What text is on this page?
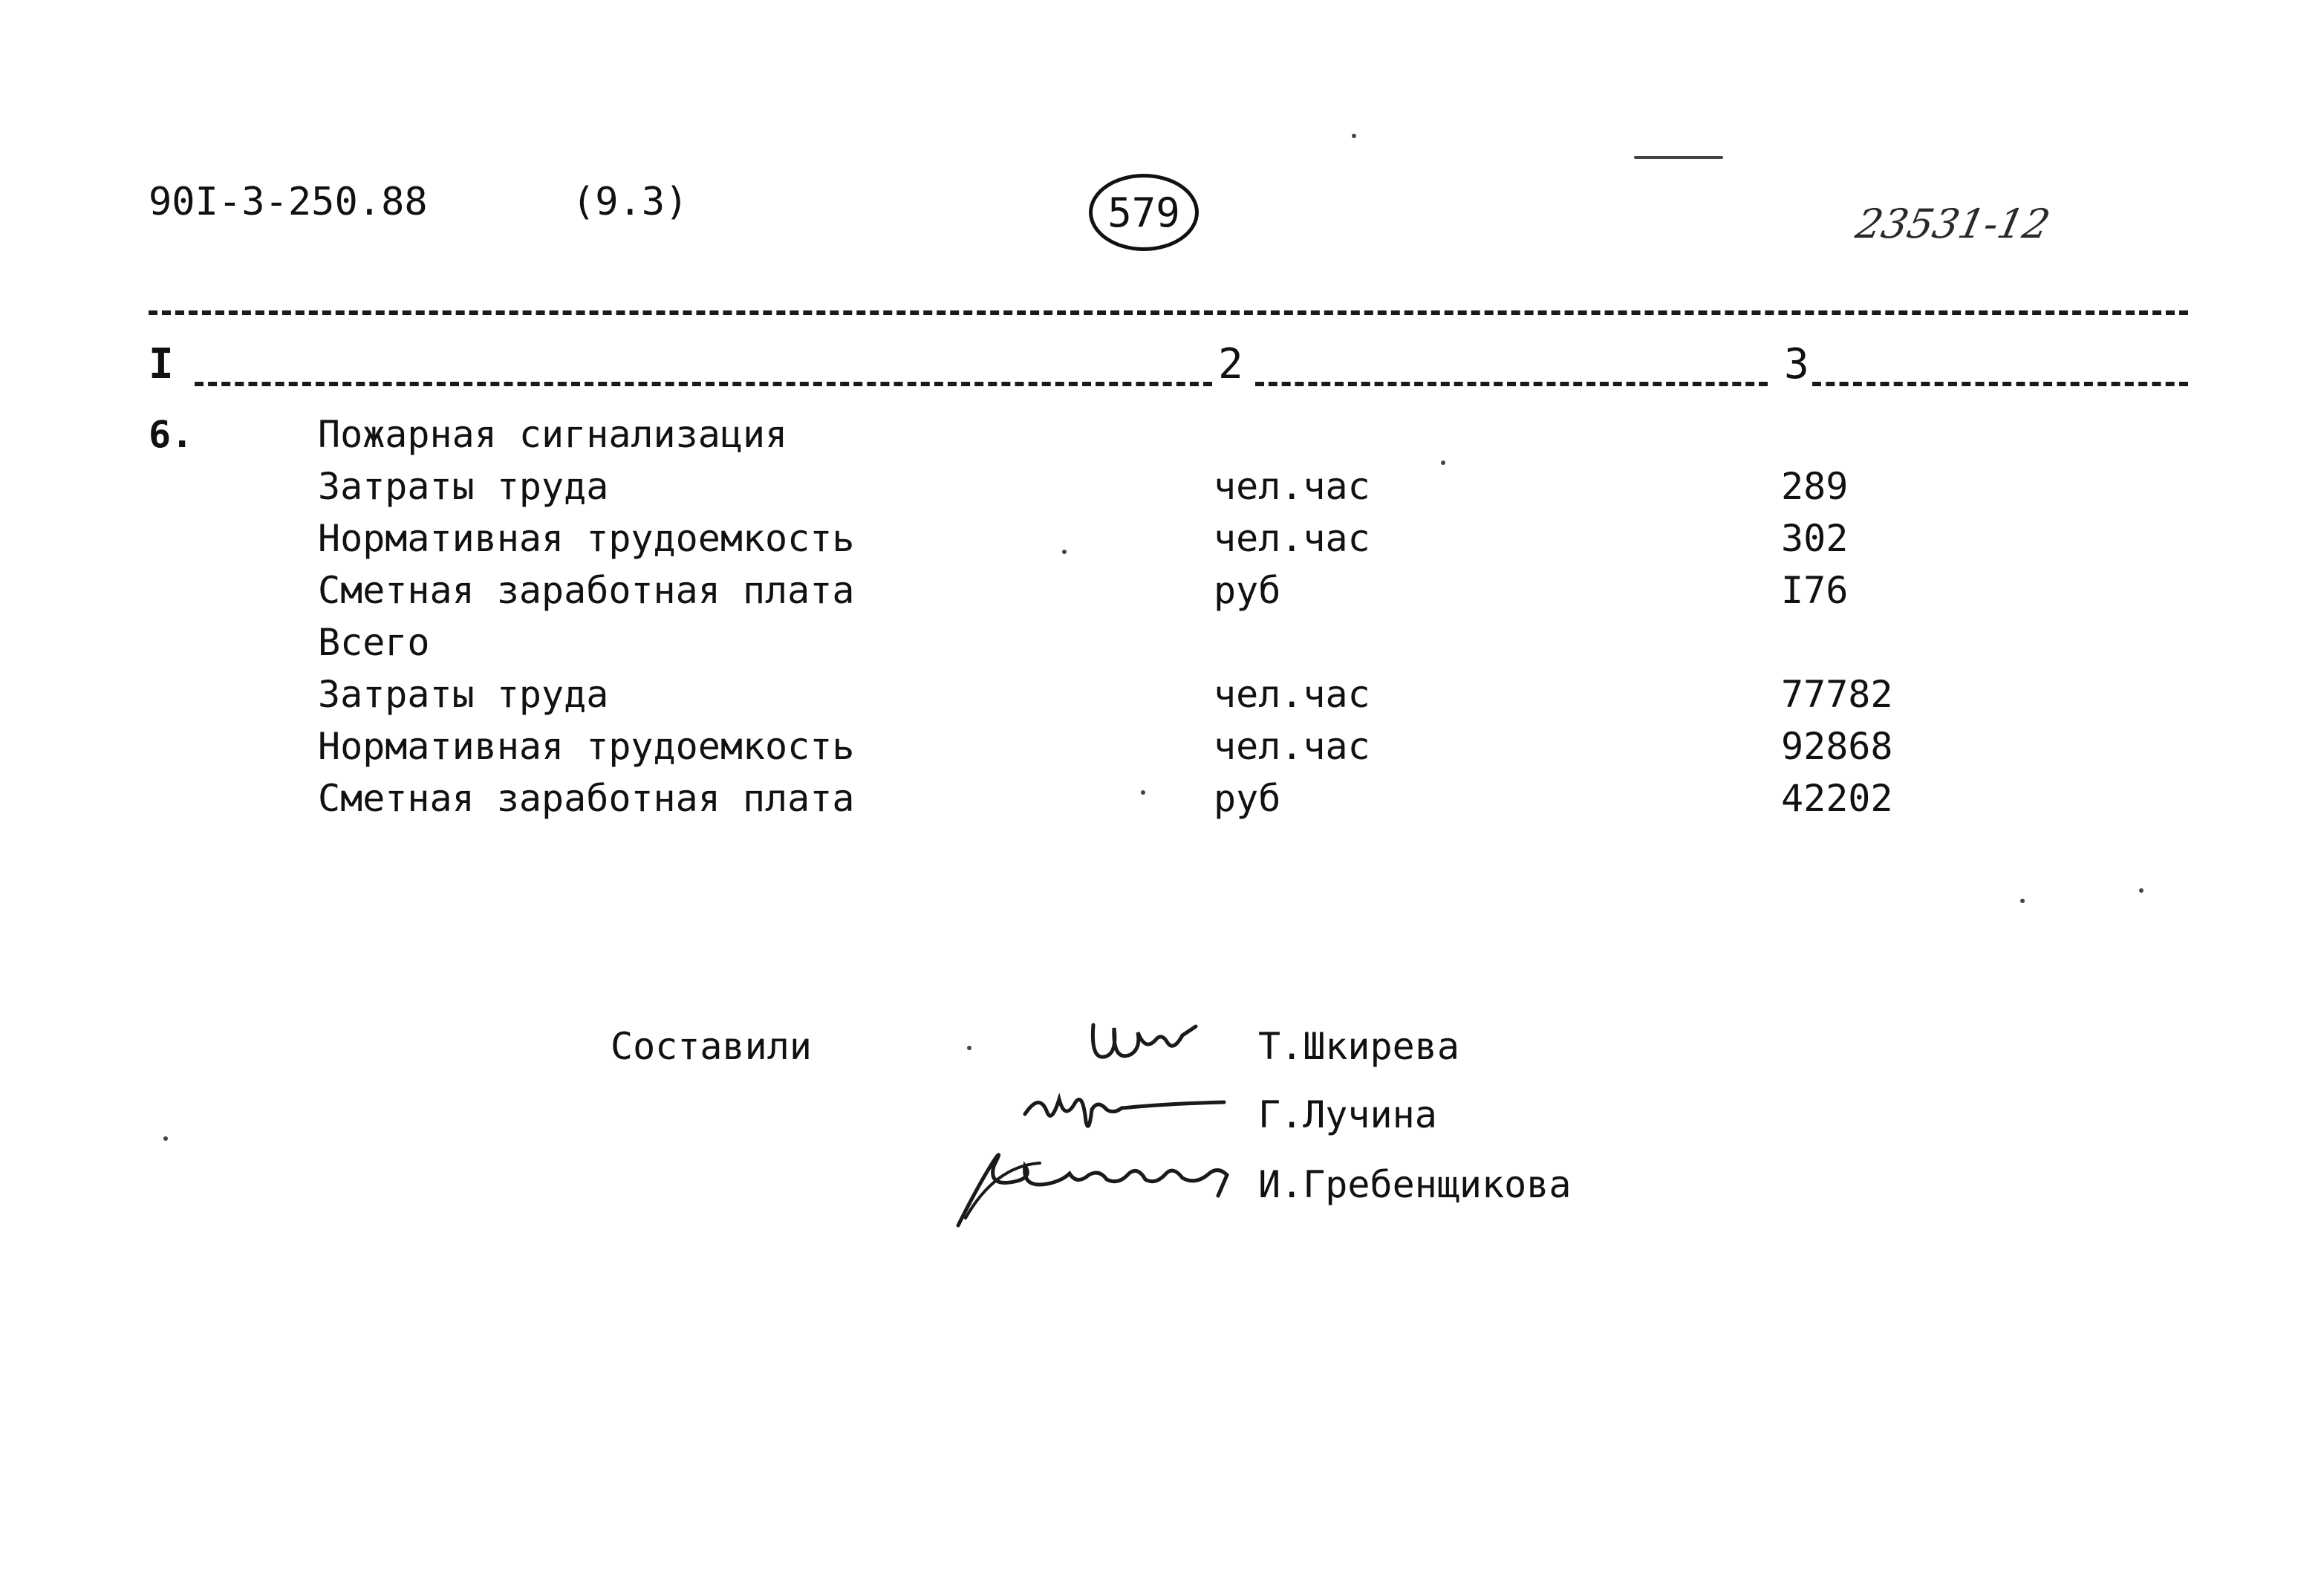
90I-3-250.88	(9.3)	579	23531-12
I	2	3
6.	Пожарная сигнализация
Затраты труда	чел.час	289
Нормативная трудоемкость	чел.час	302
Сметная заработная плата	руб	I76
Всего
Затраты труда	чел.час	77782
Нормативная трудоемкость	чел.час	92868
Сметная заработная плата	руб	42202
Составили	Т.Шкирева
Г.Лучина
И.Гребенщикова
